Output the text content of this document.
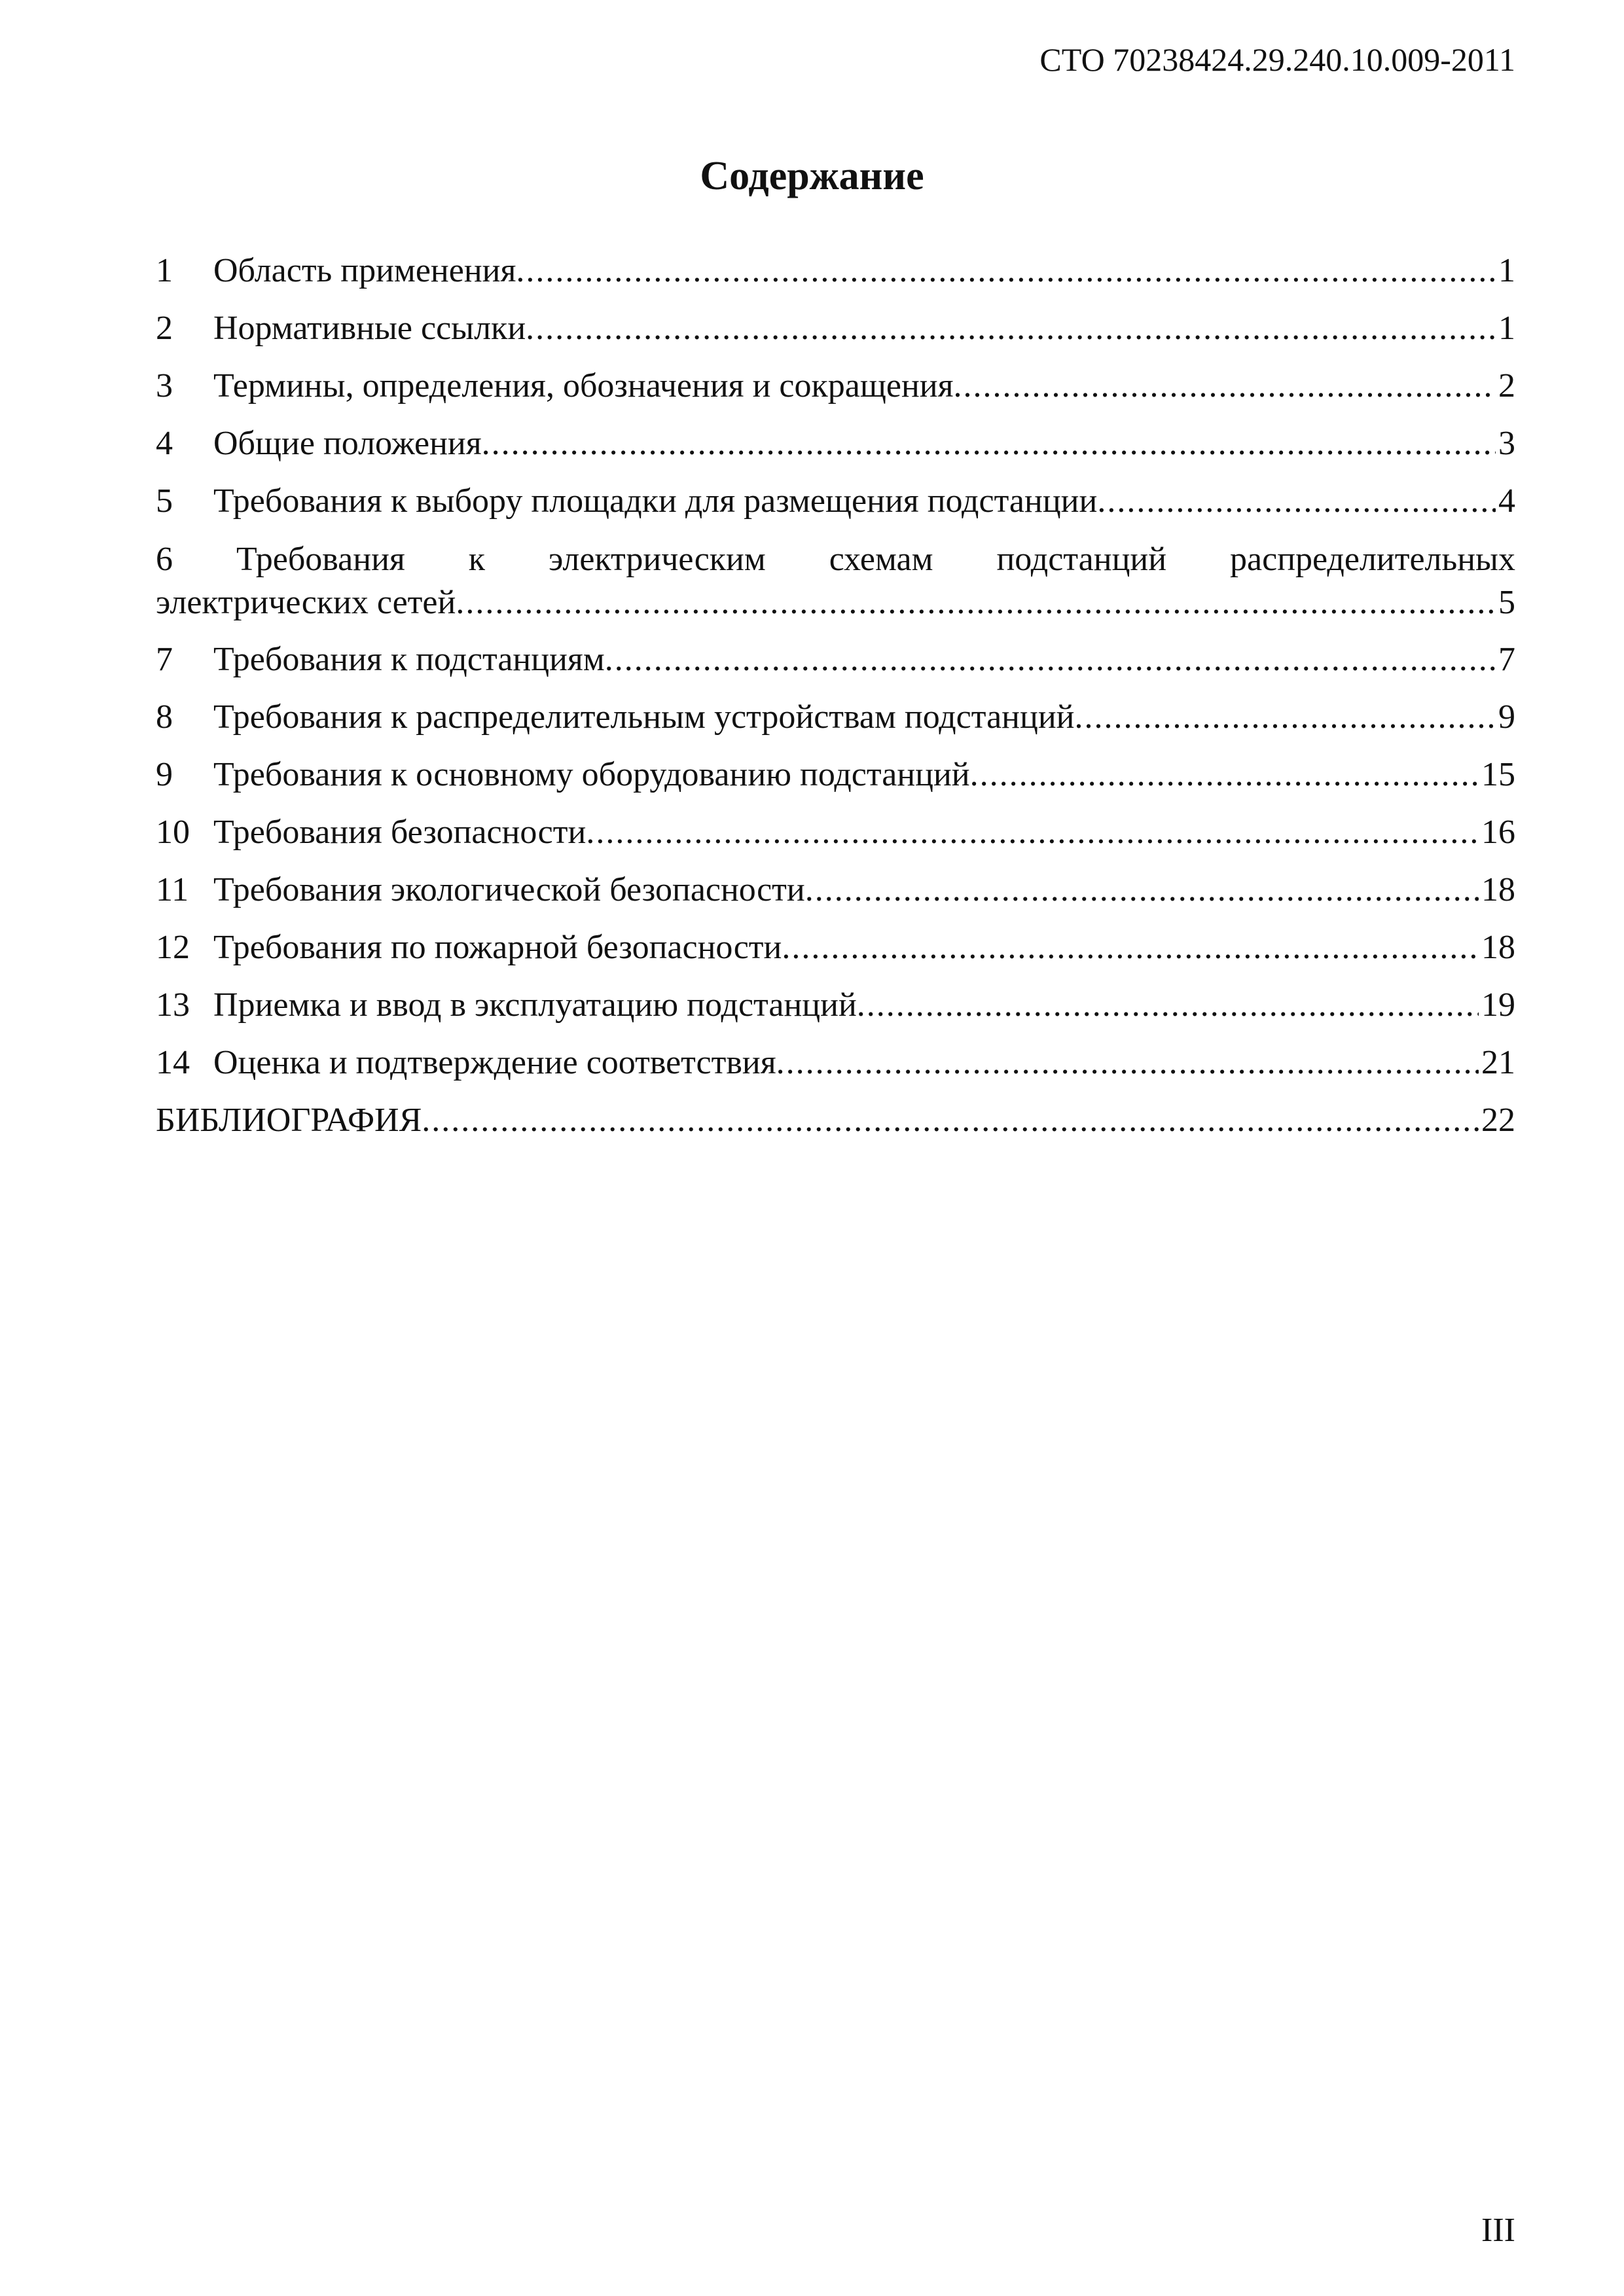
СТО 70238424.29.240.10.009-2011
Содержание
1	Область применения .....	1
2	Нормативные ссылки .....	1
3	Термины, определения, обозначения и сокращения .....	2
4	Общие положения .....	3
5	Требования к выбору площадки для размещения подстанции .....	4
6 Требования к электрическим схемам подстанций распределительных
электрических сетей .....	5
7	Требования к подстанциям .....	7
8	Требования к распределительным устройствам подстанций .....	9
9	Требования к основному оборудованию подстанций .....	15
10 Требования безопасности .....	16
11 Требования экологической безопасности .....	18
12 Требования по пожарной безопасности .....	18
13 Приемка и ввод в эксплуатацию подстанций .....	19
14 Оценка и подтверждение соответствия .....	21
БИБЛИОГРАФИЯ .....	22
III
